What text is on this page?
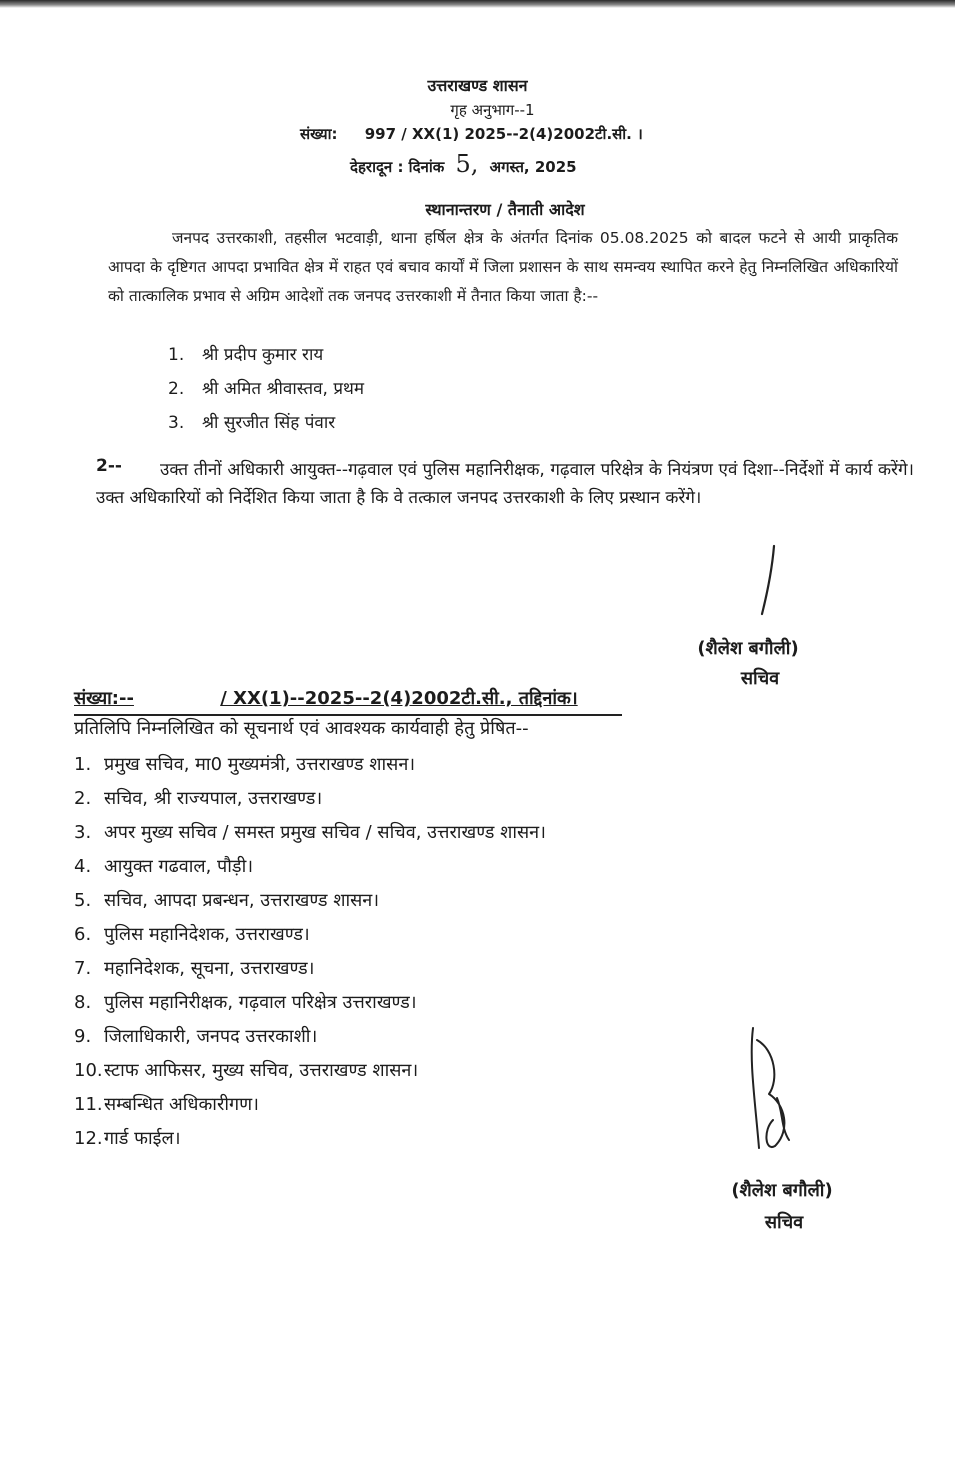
उत्तराखण्ड शासन
गृह अनुभाग--1
संख्या: 997 / XX(1) 2025--2(4)2002टी.सी. ।
देहरादून : दिनांक 5, अगस्त, 2025
स्थानान्तरण / तैनाती आदेश
जनपद उत्तरकाशी, तहसील भटवाड़ी, थाना हर्षिल क्षेत्र के अंतर्गत दिनांक 05.08.2025 को बादल फटने से आयी प्राकृतिक आपदा के दृष्टिगत आपदा प्रभावित क्षेत्र में राहत एवं बचाव कार्यों में जिला प्रशासन के साथ समन्वय स्थापित करने हेतु निम्नलिखित अधिकारियों को तात्कालिक प्रभाव से अग्रिम आदेशों तक जनपद उत्तरकाशी में तैनात किया जाता है:--
1. श्री प्रदीप कुमार राय
2. श्री अमित श्रीवास्तव, प्रथम
3. श्री सुरजीत सिंह पंवार
2--	उक्त तीनों अधिकारी आयुक्त--गढ़वाल एवं पुलिस महानिरीक्षक, गढ़वाल परिक्षेत्र के नियंत्रण एवं दिशा--निर्देशों में कार्य करेंगे। उक्त अधिकारियों को निर्देशित किया जाता है कि वे तत्काल जनपद उत्तरकाशी के लिए प्रस्थान करेंगे।
(शैलेश बगौली)
सचिव
संख्या:--	/ XX(1)--2025--2(4)2002टी.सी., तद्दिनांक।
प्रतिलिपि निम्नलिखित को सूचनार्थ एवं आवश्यक कार्यवाही हेतु प्रेषित--
1. प्रमुख सचिव, मा0 मुख्यमंत्री, उत्तराखण्ड शासन।
2. सचिव, श्री राज्यपाल, उत्तराखण्ड।
3. अपर मुख्य सचिव / समस्त प्रमुख सचिव / सचिव, उत्तराखण्ड शासन।
4. आयुक्त गढवाल, पौड़ी।
5. सचिव, आपदा प्रबन्धन, उत्तराखण्ड शासन।
6. पुलिस महानिदेशक, उत्तराखण्ड।
7. महानिदेशक, सूचना, उत्तराखण्ड।
8. पुलिस महानिरीक्षक, गढ़वाल परिक्षेत्र उत्तराखण्ड।
9. जिलाधिकारी, जनपद उत्तरकाशी।
10.स्टाफ आफिसर, मुख्य सचिव, उत्तराखण्ड शासन।
11.सम्बन्धित अधिकारीगण।
12.गार्ड फाईल।
(शैलेश बगौली)
सचिव
